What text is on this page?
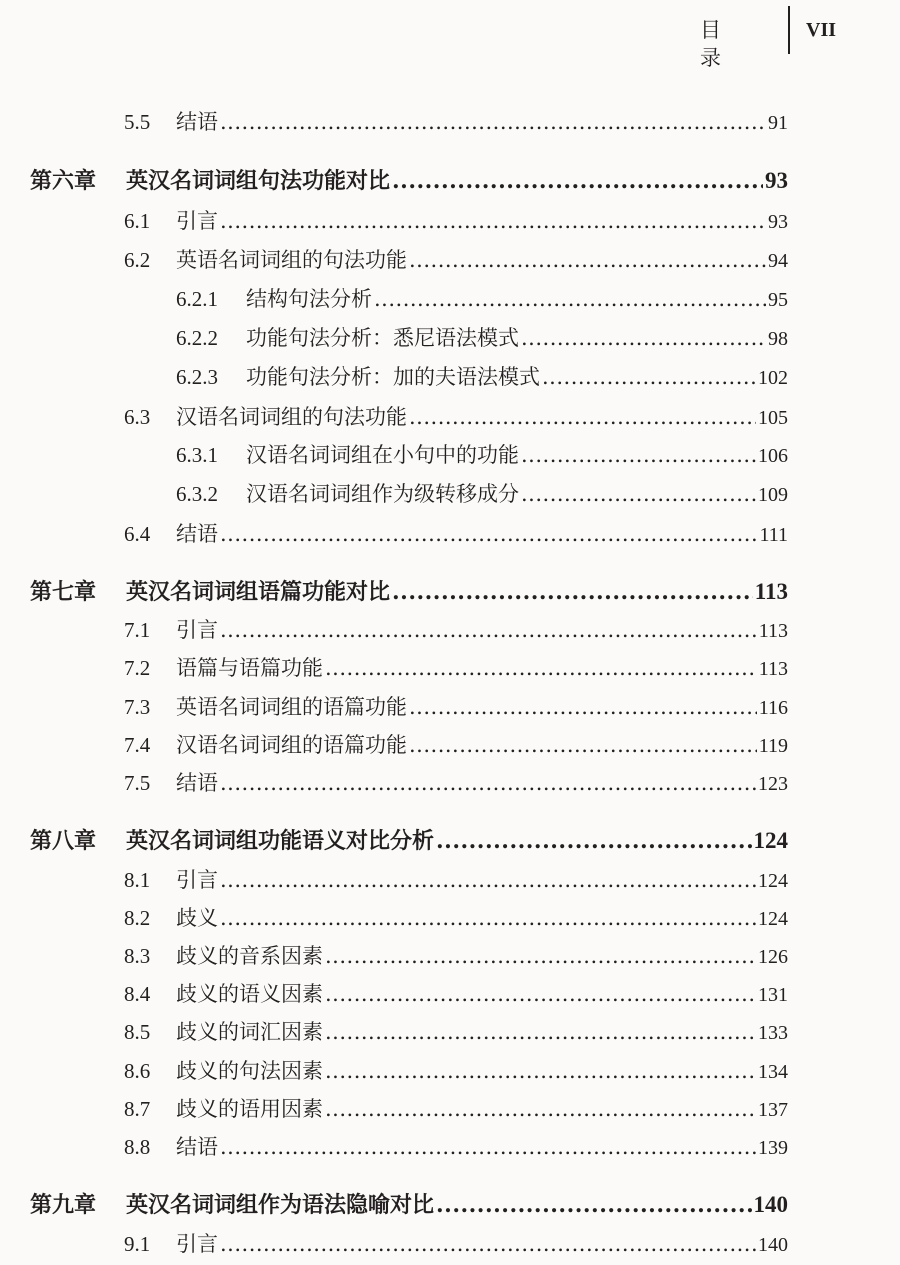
目 录
VII
5.5	结语 .....	91
第六章	英汉名词词组句法功能对比 .....	93
6.1	引言 .....	93
6.2	英语名词词组的句法功能 .....	94
6.2.1	结构句法分析 .....	95
6.2.2	功能句法分析：悉尼语法模式 .....	98
6.2.3	功能句法分析：加的夫语法模式 .....	102
6.3	汉语名词词组的句法功能 .....	105
6.3.1	汉语名词词组在小句中的功能 .....	106
6.3.2	汉语名词词组作为级转移成分 .....	109
6.4	结语 .....	111
第七章	英汉名词词组语篇功能对比 .....	113
7.1	引言 .....	113
7.2	语篇与语篇功能 .....	113
7.3	英语名词词组的语篇功能 .....	116
7.4	汉语名词词组的语篇功能 .....	119
7.5	结语 .....	123
第八章	英汉名词词组功能语义对比分析 .....	124
8.1	引言 .....	124
8.2	歧义 .....	124
8.3	歧义的音系因素 .....	126
8.4	歧义的语义因素 .....	131
8.5	歧义的词汇因素 .....	133
8.6	歧义的句法因素 .....	134
8.7	歧义的语用因素 .....	137
8.8	结语 .....	139
第九章	英汉名词词组作为语法隐喻对比 .....	140
9.1	引言 .....	140
